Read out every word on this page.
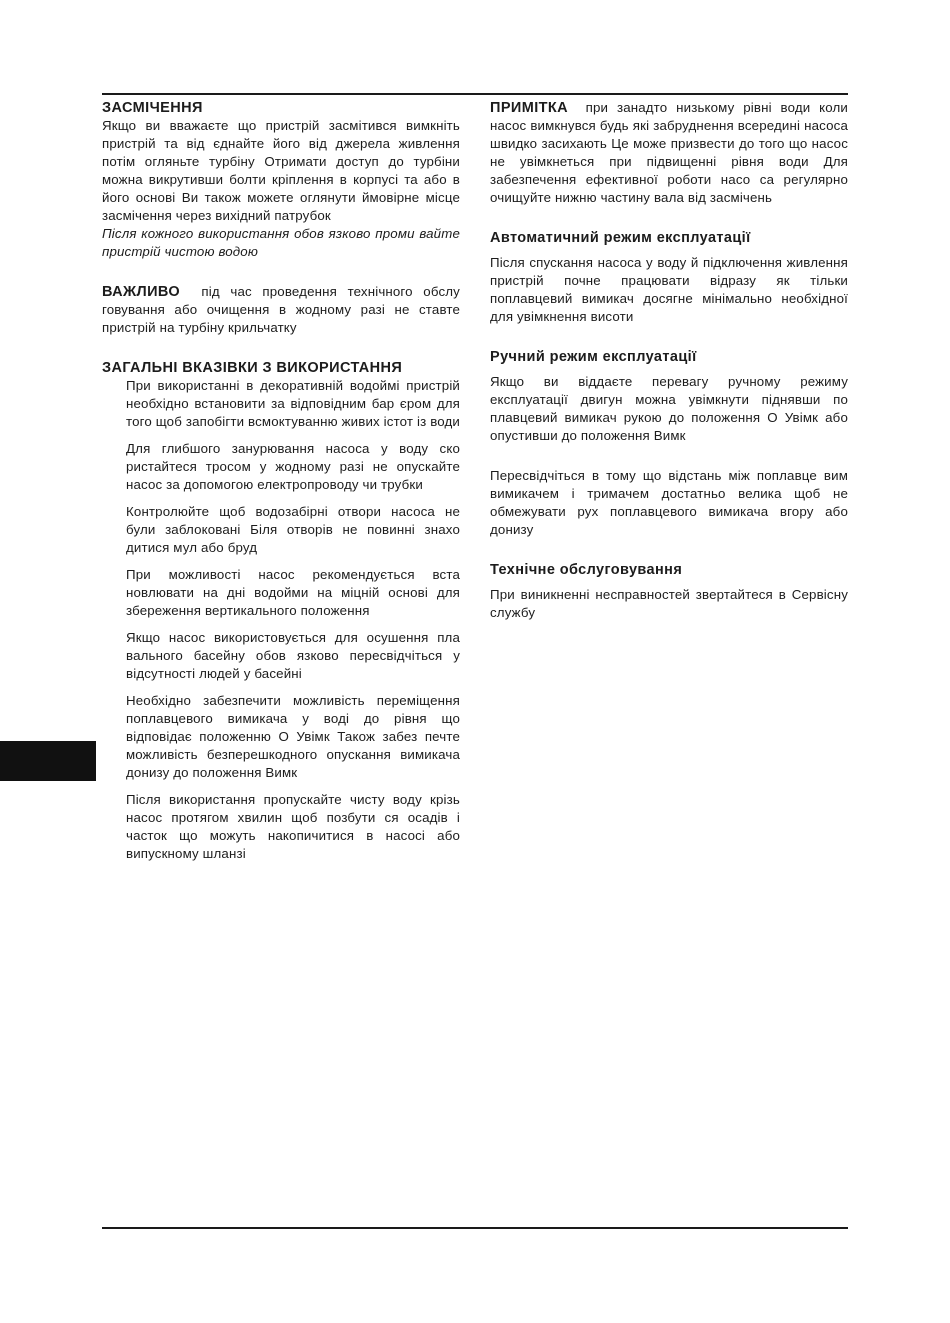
ЗАСМІЧЕННЯ

Якщо ви вважаєте що пристрій засмітився вимкніть пристрій та від єднайте його від джерела живлення потім огляньте турбіну Отримати доступ до турбіни можна викрутивши болти кріплення в корпусі та або в його основі Ви також можете оглянути ймовірне місце засмічення через вихідний патрубок

Після кожного використання обов язково проми вайте пристрій чистою водою

ВАЖЛИВО під час проведення технічного обслу говування або очищення в жодному разі не ставте пристрій на турбіну крильчатку

ЗАГАЛЬНІ ВКАЗІВКИ З ВИКОРИСТАННЯ

При використанні в декоративній водоймі пристрій необхідно встановити за відповідним бар єром для того щоб запобігти всмоктуванню живих істот із води

Для глибшого занурювання насоса у воду ско ристайтеся тросом у жодному разі не опускайте насос за допомогою електропроводу чи трубки

Контролюйте щоб водозабірні отвори насоса не були заблоковані Біля отворів не повинні знахо дитися мул або бруд

При можливості насос рекомендується вста новлювати на дні водойми на міцній основі для збереження вертикального положення

Якщо насос використовується для осушення пла вального басейну обов язково пересвідчіться у відсутності людей у басейні

Необхідно забезпечити можливість переміщення поплавцевого вимикача у воді до рівня що відповідає положенню О Увімк Також забез печте можливість безперешкодного опускання вимикача донизу до положення Вимк

Після використання пропускайте чисту воду крізь насос протягом хвилин щоб позбути ся осадів і часток що можуть накопичитися в насосі або випускному шланзі

ПРИМІТКА при занадто низькому рівні води коли насос вимкнувся будь які забруднення всередині насоса швидко засихають Це може призвести до того що насос не увімкнеться при підвищенні рівня води Для забезпечення ефективної роботи насо са регулярно очищуйте нижню частину вала від засмічень

Автоматичний режим експлуатації

Після спускання насоса у воду й підключення живлення пристрій почне працювати відразу як тільки поплавцевий вимикач досягне мінімально необхідної для увімкнення висоти

Ручний режим експлуатації

Якщо ви віддаєте перевагу ручному режиму експлуатації двигун можна увімкнути піднявши по плавцевий вимикач рукою до положення О Увімк або опустивши до положення Вимк

Пересвідчіться в тому що відстань між поплавце вим вимикачем і тримачем достатньо велика щоб не обмежувати рух поплавцевого вимикача вгору або донизу

Технічне обслуговування

При виникненні несправностей звертайтеся в Сервісну службу
